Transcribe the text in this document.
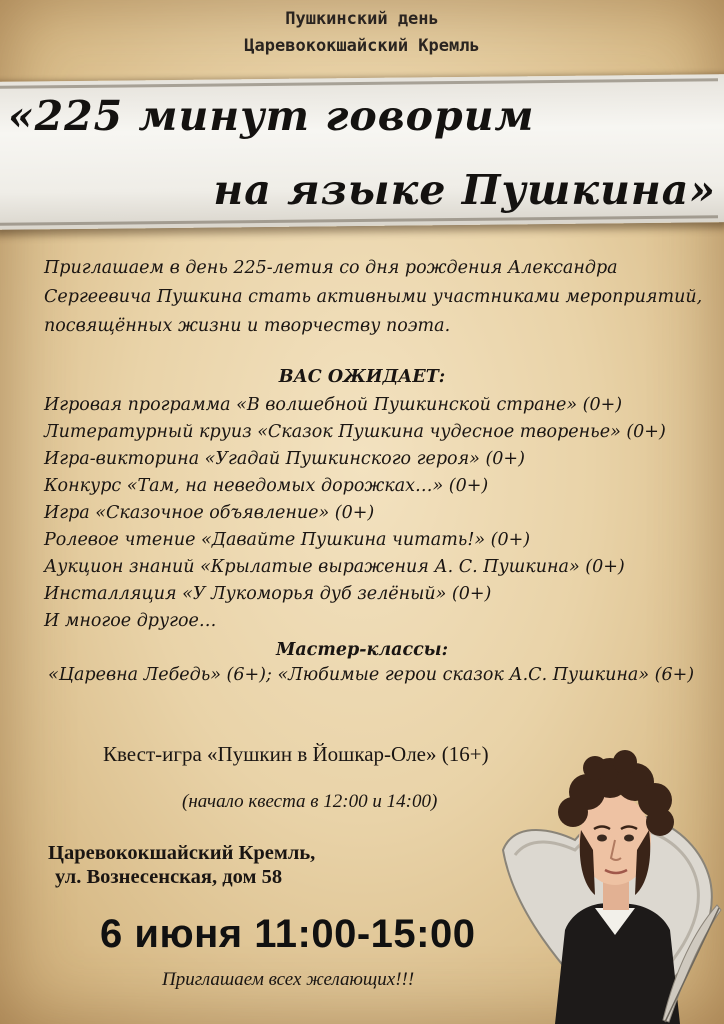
Пушкинский день
Царевококшайский Кремль
«225 минут говорим
на языке Пушкина»
Приглашаем в день 225-летия со дня рождения Александра Сергеевича Пушкина стать активными участниками мероприятий, посвящённых жизни и творчеству поэта.
ВАС ОЖИДАЕТ:
Игровая программа «В волшебной Пушкинской стране» (0+)
Литературный круиз «Сказок Пушкина чудесное творенье» (0+)
Игра-викторина «Угадай Пушкинского героя» (0+)
Конкурс «Там, на неведомых дорожках…» (0+)
Игра «Сказочное объявление» (0+)
Ролевое чтение «Давайте Пушкина читать!» (0+)
Аукцион знаний «Крылатые выражения А. С. Пушкина» (0+)
Инсталляция «У Лукоморья дуб зелёный» (0+)
И многое другое…
Мастер-классы:
«Царевна Лебедь» (6+); «Любимые герои сказок А.С. Пушкина» (6+)
Квест-игра «Пушкин в Йошкар-Оле» (16+)
(начало квеста в 12:00 и 14:00)
Царевококшайский Кремль,
ул. Вознесенская, дом 58
6 июня 11:00-15:00
Приглашаем всех желающих!!!
